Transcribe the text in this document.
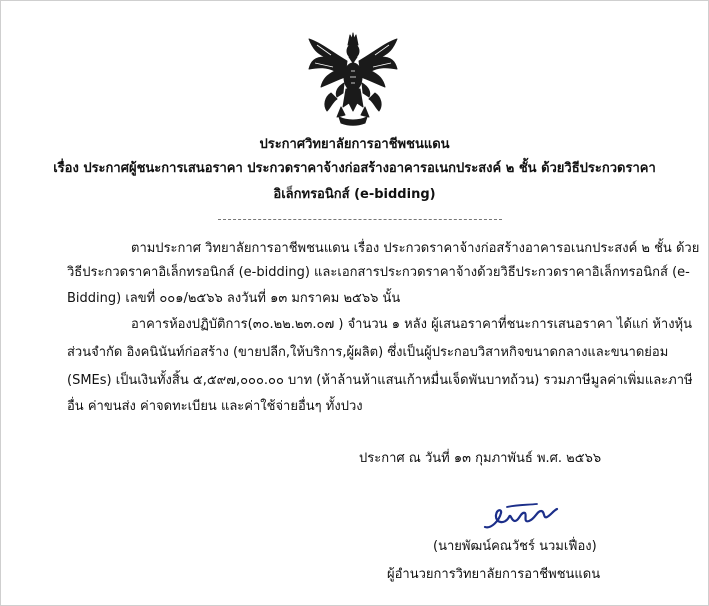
ประกาศวิทยาลัยการอาชีพชนแดน
เรื่อง ประกาศผู้ชนะการเสนอราคา ประกวดราคาจ้างก่อสร้างอาคารอเนกประสงค์ ๒ ชั้น ด้วยวิธีประกวดราคา
อิเล็กทรอนิกส์ (e-bidding)
ตามประกาศ วิทยาลัยการอาชีพชนแดน เรื่อง ประกวดราคาจ้างก่อสร้างอาคารอเนกประสงค์ ๒ ชั้น ด้วย
วิธีประกวดราคาอิเล็กทรอนิกส์ (e-bidding) และเอกสารประกวดราคาจ้างด้วยวิธีประกวดราคาอิเล็กทรอนิกส์ (e-
Bidding) เลขที่ ๐๐๑/๒๕๖๖ ลงวันที่ ๑๓ มกราคม ๒๕๖๖ นั้น
อาคารห้องปฏิบัติการ(๓๐.๒๒.๒๓.๐๗ ) จำนวน ๑ หลัง ผู้เสนอราคาที่ชนะการเสนอราคา ได้แก่ ห้างหุ้น
ส่วนจำกัด อิงคนินันท์ก่อสร้าง (ขายปลีก,ให้บริการ,ผู้ผลิต) ซึ่งเป็นผู้ประกอบวิสาหกิจขนาดกลางและขนาดย่อม
(SMEs) เป็นเงินทั้งสิ้น ๕,๕๙๗,๐๐๐.๐๐ บาท (ห้าล้านห้าแสนเก้าหมื่นเจ็ดพันบาทถ้วน) รวมภาษีมูลค่าเพิ่มและภาษี
อื่น ค่าขนส่ง ค่าจดทะเบียน และค่าใช้จ่ายอื่นๆ ทั้งปวง
ประกาศ ณ วันที่ ๑๓ กุมภาพันธ์ พ.ศ. ๒๕๖๖
(นายพัฒน์คณวัชร์ นวมเฟื่อง)
ผู้อำนวยการวิทยาลัยการอาชีพชนแดน
